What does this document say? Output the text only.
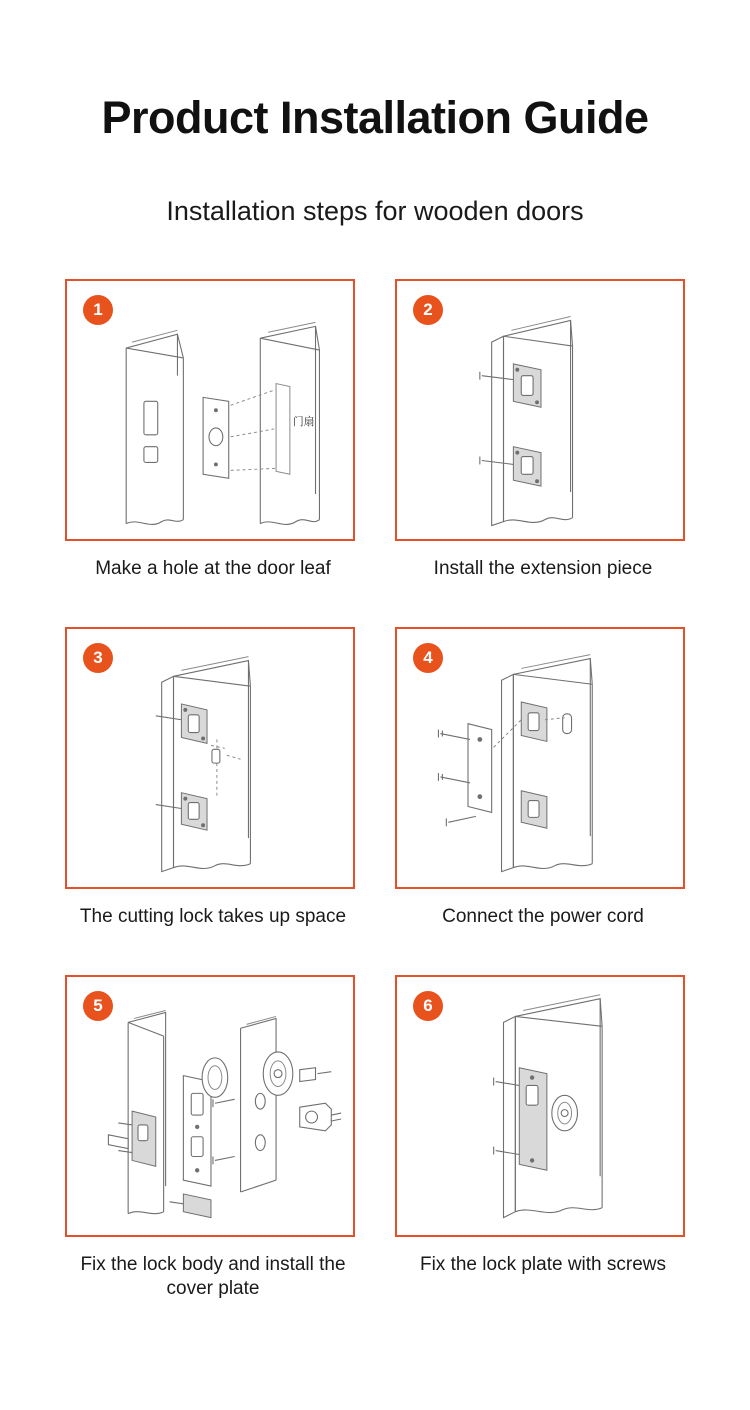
Product Installation Guide
Installation steps for wooden doors
1
门扇
Make a hole at the door leaf
2
Install the extension piece
3
The cutting lock takes up space
4
Connect the power cord
5
Fix the lock body and install the cover plate
6
Fix the lock plate with screws
